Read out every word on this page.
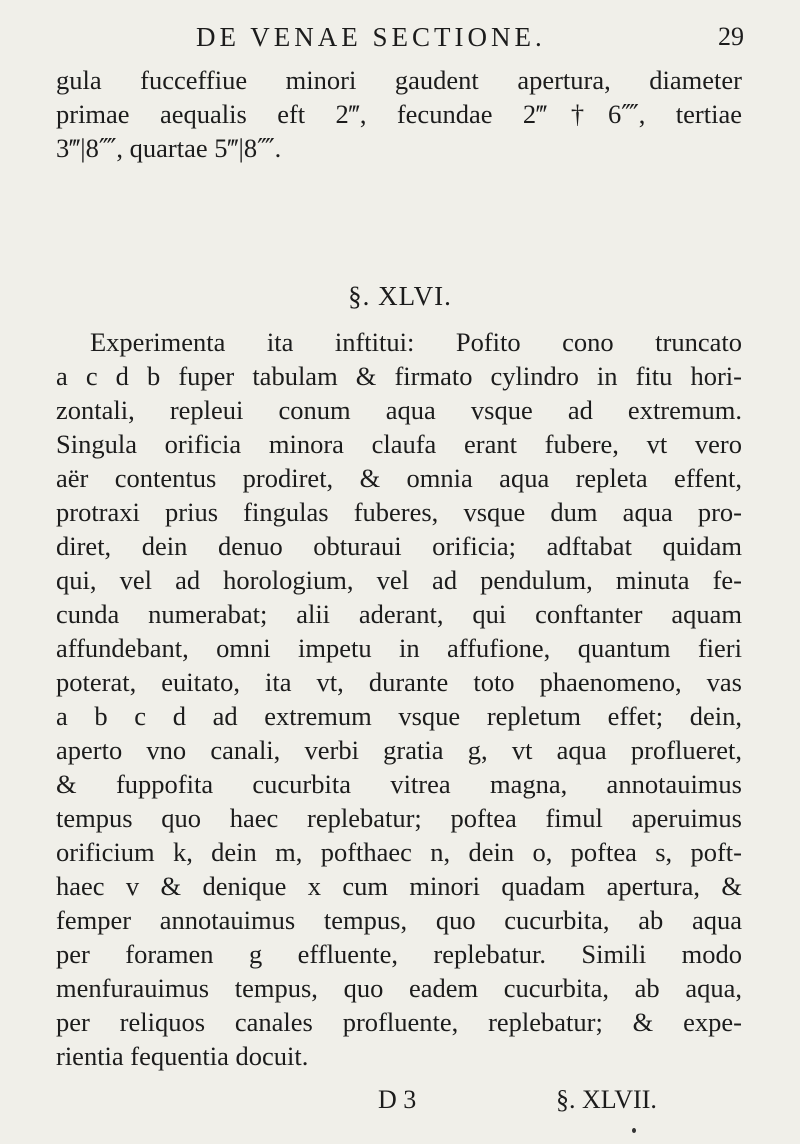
DE VENAE SECTIONE.	29
gula fucceffiue minori gaudent apertura, diameter
primae aequalis eft 2‴, fecundae 2‴†6⁗, tertiae
3‴|8⁗, quartae 5‴|8⁗.
§. XLVI.
Experimenta ita inftitui: Pofito cono truncato
a c d b fuper tabulam & firmato cylindro in fitu hori-
zontali, repleui conum aqua vsque ad extremum.
Singula orificia minora claufa erant fubere, vt vero
aër contentus prodiret, & omnia aqua repleta effent,
protraxi prius fingulas fuberes, vsque dum aqua pro-
diret, dein denuo obturaui orificia; adftabat quidam
qui, vel ad horologium, vel ad pendulum, minuta fe-
cunda numerabat; alii aderant, qui conftanter aquam
affundebant, omni impetu in affufione, quantum fieri
poterat, euitato, ita vt, durante toto phaenomeno, vas
a b c d ad extremum vsque repletum effet; dein,
aperto vno canali, verbi gratia g, vt aqua proflueret,
& fuppofita cucurbita vitrea magna, annotauimus
tempus quo haec replebatur; poftea fimul aperuimus
orificium k, dein m, pofthaec n, dein o, poftea s, poft-
haec v & denique x cum minori quadam apertura, &
femper annotauimus tempus, quo cucurbita, ab aqua
per foramen g effluente, replebatur. Simili modo
menfurauimus tempus, quo eadem cucurbita, ab aqua,
per reliquos canales profluente, replebatur; & expe-
rientia fequentia docuit.
D 3	§. XLVII.
